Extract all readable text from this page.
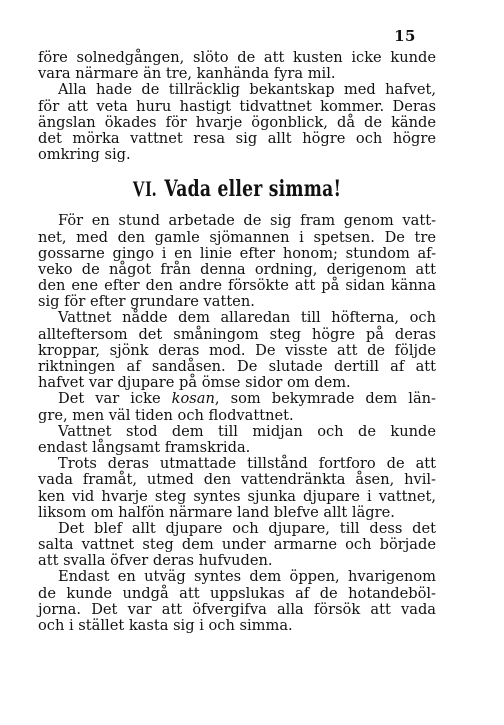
15
före solnedgången, slöto de att kusten icke kunde
vara närmare än tre, kanhända fyra mil.
Alla hade de tillräcklig bekantskap med hafvet,
för att veta huru hastigt tidvattnet kommer. Deras
ängslan ökades för hvarje ögonblick, då de kände
det mörka vattnet resa sig allt högre och högre
omkring sig.
VI. Vada eller simma!
För en stund arbetade de sig fram genom vatt-
net, med den gamle sjömannen i spetsen. De tre
gossarne gingo i en linie efter honom; stundom af-
veko de något från denna ordning, derigenom att
den ene efter den andre försökte att på sidan känna
sig för efter grundare vatten.
Vattnet nådde dem allaredan till höfterna, och
allteftersom det småningom steg högre på deras
kroppar, sjönk deras mod. De visste att de följde
riktningen af sandåsen. De slutade dertill af att
hafvet var djupare på ömse sidor om dem.
Det var icke kosan, som bekymrade dem län-
gre, men väl tiden och flodvattnet.
Vattnet stod dem till midjan och de kunde
endast långsamt framskrida.
Trots deras utmattade tillstånd fortforo de att
vada framåt, utmed den vattendränkta åsen, hvil-
ken vid hvarje steg syntes sjunka djupare i vattnet,
liksom om halfön närmare land blefve allt lägre.
Det blef allt djupare och djupare, till dess det
salta vattnet steg dem under armarne och började
att svalla öfver deras hufvuden.
Endast en utväg syntes dem öppen, hvarigenom
de kunde undgå att uppslukas af de hotandeböl-
jorna. Det var att öfvergifva alla försök att vada
och i stället kasta sig i och simma.
